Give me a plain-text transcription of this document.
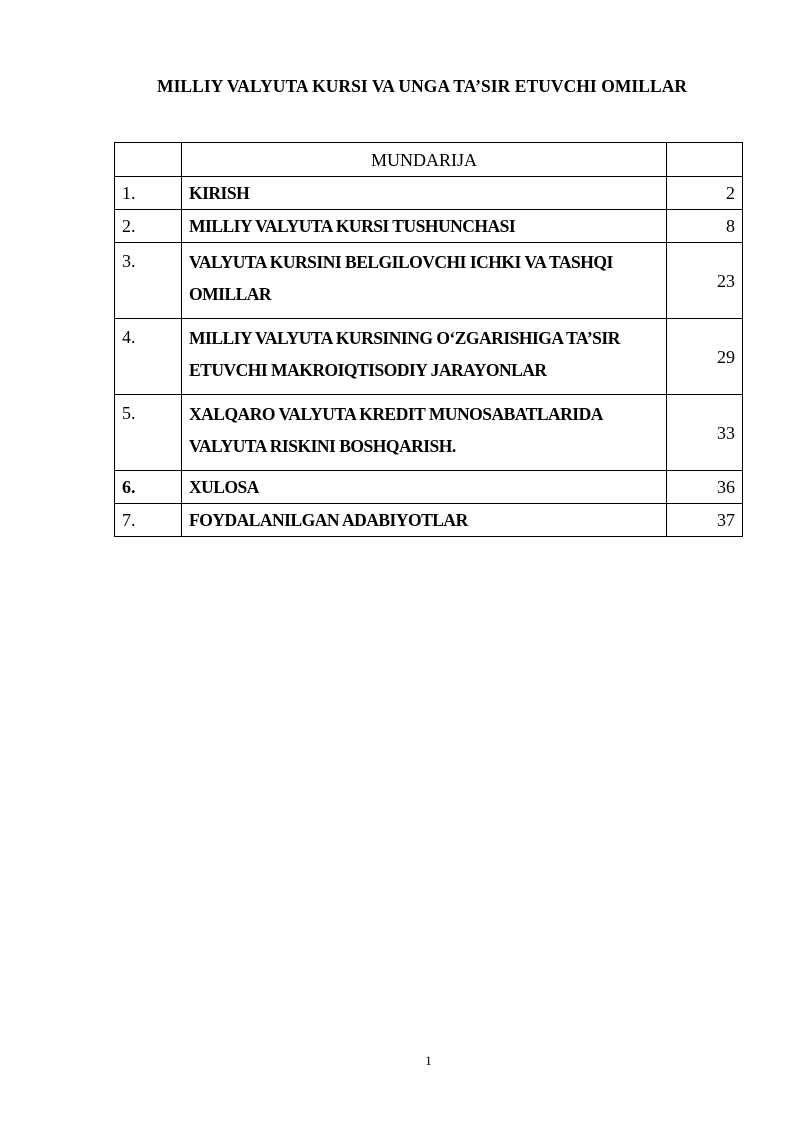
MILLIY VALYUTA KURSI VA UNGA TA’SIR ETUVCHI OMILLAR
	MUNDARIJA	
1.	KIRISH	2
2.	MILLIY VALYUTA KURSI TUSHUNCHASI	8
3.	VALYUTA KURSINI BELGILOVCHI ICHKI VA TASHQI
OMILLAR	23
4.	MILLIY VALYUTA KURSINING O‘ZGARISHIGA TA’SIR
ETUVCHI MAKROIQTISODIY JARAYONLAR	29
5.	XALQARO VALYUTA KREDIT MUNOSABATLARIDA
VALYUTA RISKINI BOSHQARISH.	33
6.	XULOSA	36
7.	FOYDALANILGAN ADABIYOTLAR	37
1
